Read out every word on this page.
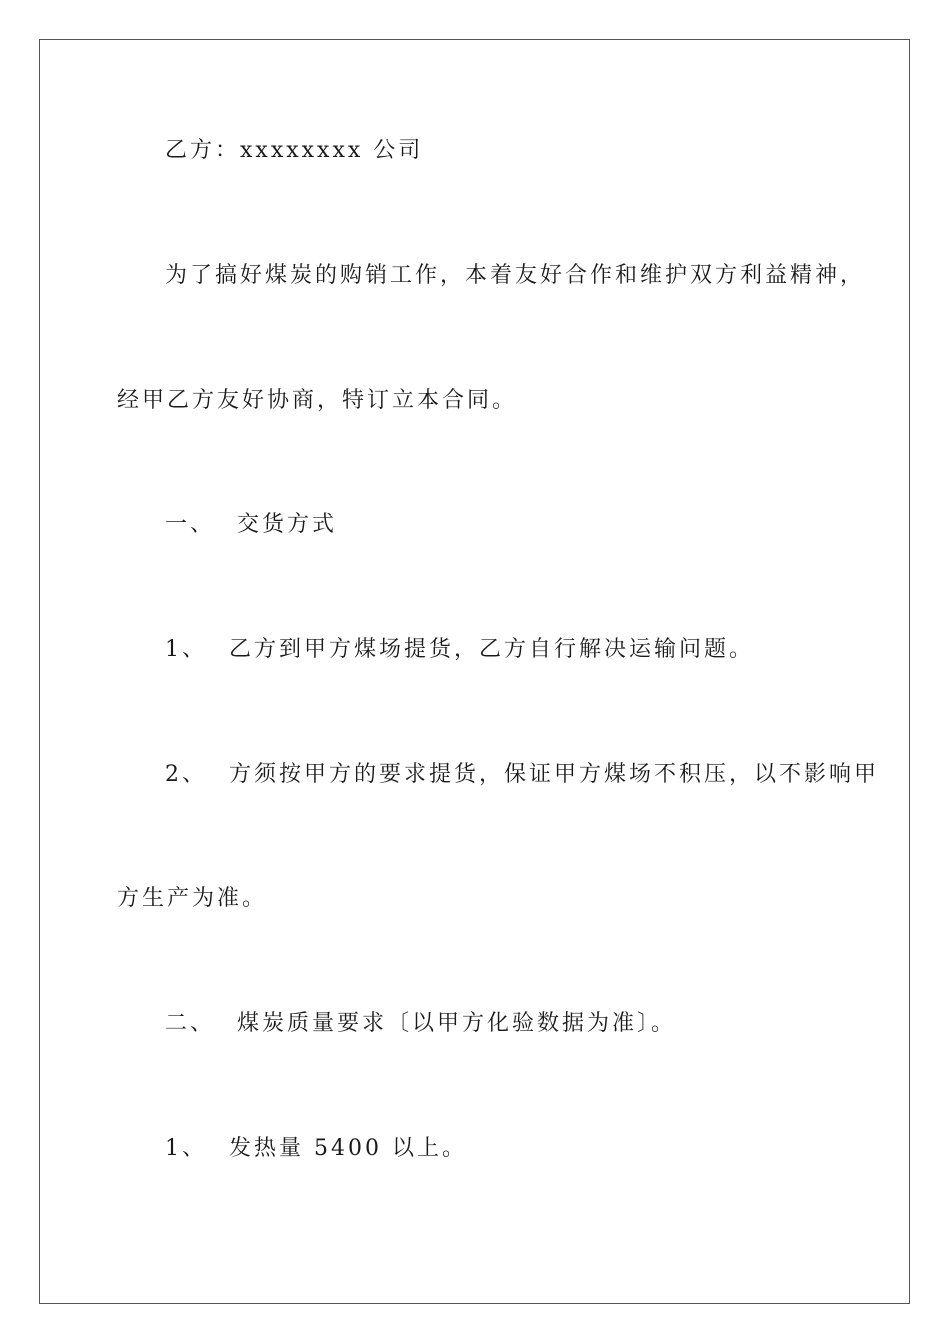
乙方：xxxxxxxx 公司
为了搞好煤炭的购销工作，本着友好合作和维护双方利益精神，
经甲乙方友好协商，特订立本合同。
一、 交货方式
1、 乙方到甲方煤场提货，乙方自行解决运输问题。
2、 方须按甲方的要求提货，保证甲方煤场不积压，以不影响甲
方生产为准。
二、 煤炭质量要求〔以甲方化验数据为准〕。
1、 发热量 5400 以上。
